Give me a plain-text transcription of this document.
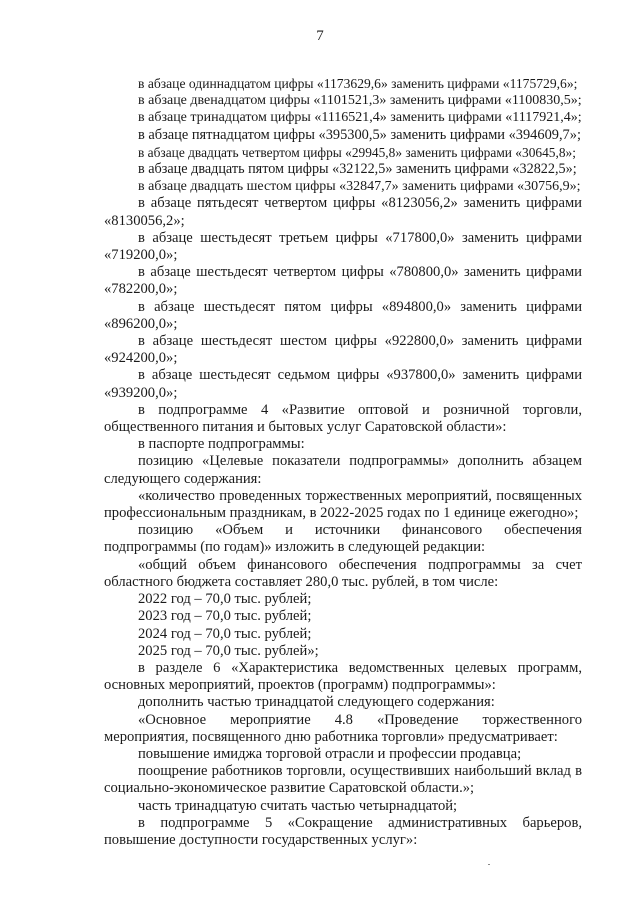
7

в абзаце одиннадцатом цифры «1173629,6» заменить цифрами «1175729,6»;

в абзаце двенадцатом цифры «1101521,3» заменить цифрами «1100830,5»;

в абзаце тринадцатом цифры «1116521,4» заменить цифрами «1117921,4»;

в абзаце пятнадцатом цифры «395300,5» заменить цифрами «394609,7»;

в абзаце двадцать четвертом цифры «29945,8» заменить цифрами «30645,8»;

в абзаце двадцать пятом цифры «32122,5» заменить цифрами «32822,5»;

в абзаце двадцать шестом цифры «32847,7» заменить цифрами «30756,9»;

в абзаце пятьдесят четвертом цифры «8123056,2» заменить цифрами «8130056,2»;

в абзаце шестьдесят третьем цифры «717800,0» заменить цифрами «719200,0»;

в абзаце шестьдесят четвертом цифры «780800,0» заменить цифрами «782200,0»;

в абзаце шестьдесят пятом цифры «894800,0» заменить цифрами «896200,0»;

в абзаце шестьдесят шестом цифры «922800,0» заменить цифрами «924200,0»;

в абзаце шестьдесят седьмом цифры «937800,0» заменить цифрами «939200,0»;

в подпрограмме 4 «Развитие оптовой и розничной торговли, общественного питания и бытовых услуг Саратовской области»:

в паспорте подпрограммы:

позицию «Целевые показатели подпрограммы» дополнить абзацем следующего содержания:

«количество проведенных торжественных мероприятий, посвященных профессиональным праздникам, в 2022-2025 годах по 1 единице ежегодно»;

позицию «Объем и источники финансового обеспечения подпрограммы (по годам)» изложить в следующей редакции:

«общий объем финансового обеспечения подпрограммы за счет областного бюджета составляет 280,0 тыс. рублей, в том числе:

2022 год – 70,0 тыс. рублей;

2023 год – 70,0 тыс. рублей;

2024 год – 70,0 тыс. рублей;

2025 год – 70,0 тыс. рублей»;

в разделе 6 «Характеристика ведомственных целевых программ, основных мероприятий, проектов (программ) подпрограммы»:

дополнить частью тринадцатой следующего содержания:

«Основное мероприятие 4.8 «Проведение торжественного мероприятия, посвященного дню работника торговли» предусматривает:

повышение имиджа торговой отрасли и профессии продавца;

поощрение работников торговли, осуществивших наибольший вклад в социально-экономическое развитие Саратовской области.»;

часть тринадцатую считать частью четырнадцатой;

в подпрограмме 5 «Сокращение административных барьеров, повышение доступности государственных услуг»:
